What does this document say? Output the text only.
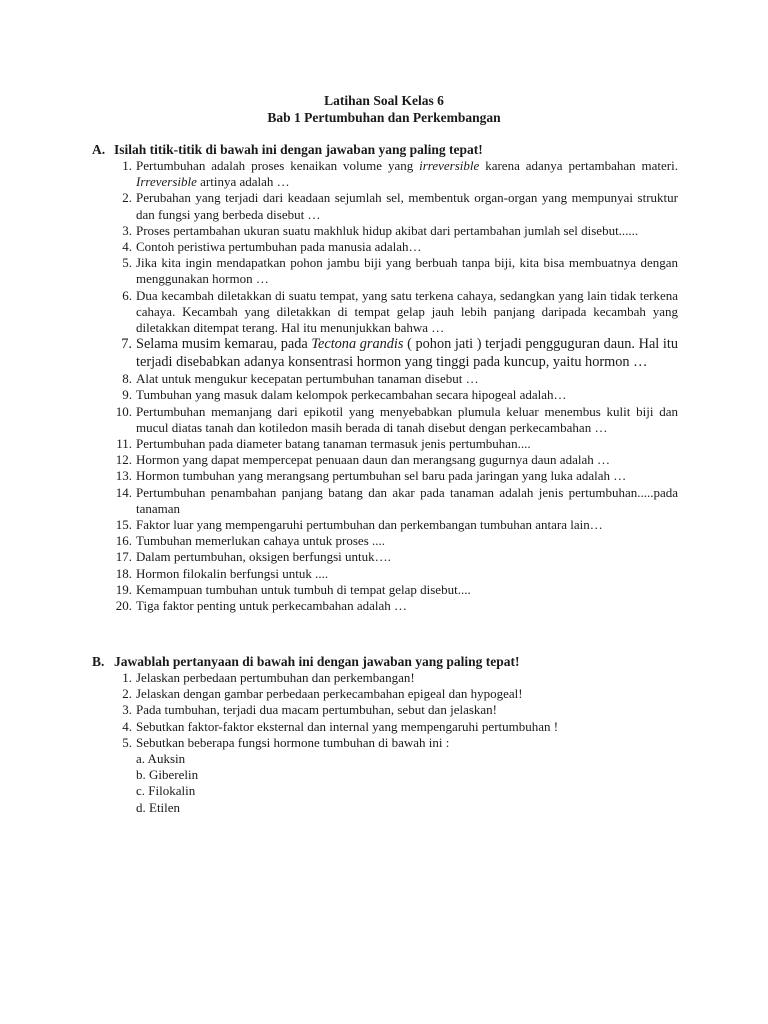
Latihan Soal Kelas 6
Bab 1 Pertumbuhan dan Perkembangan
A. Isilah titik-titik di bawah ini dengan jawaban yang paling tepat!
1. Pertumbuhan adalah proses kenaikan volume yang irreversible karena adanya pertambahan materi. Irreversible artinya adalah …
2. Perubahan yang terjadi dari keadaan sejumlah sel, membentuk organ-organ yang mempunyai struktur dan fungsi yang berbeda disebut …
3. Proses pertambahan ukuran suatu makhluk hidup akibat dari pertambahan jumlah sel disebut......
4. Contoh peristiwa pertumbuhan pada manusia adalah…
5. Jika kita ingin mendapatkan pohon jambu biji yang berbuah tanpa biji, kita bisa membuatnya dengan menggunakan hormon …
6. Dua kecambah diletakkan di suatu tempat, yang satu terkena cahaya, sedangkan yang lain tidak terkena cahaya. Kecambah yang diletakkan di tempat gelap jauh lebih panjang daripada kecambah yang diletakkan ditempat terang. Hal itu menunjukkan bahwa …
7. Selama musim kemarau, pada Tectona grandis ( pohon jati ) terjadi pengguguran daun. Hal itu terjadi disebabkan adanya konsentrasi hormon yang tinggi pada kuncup, yaitu hormon …
8. Alat untuk mengukur kecepatan pertumbuhan tanaman disebut …
9. Tumbuhan yang masuk dalam kelompok perkecambahan secara hipogeal adalah…
10. Pertumbuhan memanjang dari epikotil yang menyebabkan plumula keluar menembus kulit biji dan mucul diatas tanah dan kotiledon masih berada di tanah disebut dengan perkecambahan …
11. Pertumbuhan pada diameter batang tanaman termasuk jenis pertumbuhan....
12. Hormon yang dapat mempercepat penuaan daun dan merangsang gugurnya daun adalah …
13. Hormon tumbuhan yang merangsang pertumbuhan sel baru pada jaringan yang luka adalah …
14. Pertumbuhan penambahan panjang batang dan akar pada tanaman adalah jenis pertumbuhan.....pada tanaman
15. Faktor luar yang mempengaruhi pertumbuhan dan perkembangan tumbuhan antara lain…
16. Tumbuhan memerlukan cahaya untuk proses ....
17. Dalam pertumbuhan, oksigen berfungsi untuk….
18. Hormon filokalin berfungsi untuk ....
19. Kemampuan tumbuhan untuk tumbuh di tempat gelap disebut....
20. Tiga faktor penting untuk perkecambahan adalah …
B. Jawablah pertanyaan di bawah ini dengan jawaban yang paling tepat!
1. Jelaskan perbedaan pertumbuhan dan perkembangan!
2. Jelaskan dengan gambar perbedaan perkecambahan epigeal dan hypogeal!
3. Pada tumbuhan, terjadi dua macam pertumbuhan, sebut dan jelaskan!
4. Sebutkan faktor-faktor eksternal dan internal yang mempengaruhi pertumbuhan !
5. Sebutkan beberapa fungsi hormone tumbuhan di bawah ini :
a. Auksin
b. Giberelin
c. Filokalin
d. Etilen
